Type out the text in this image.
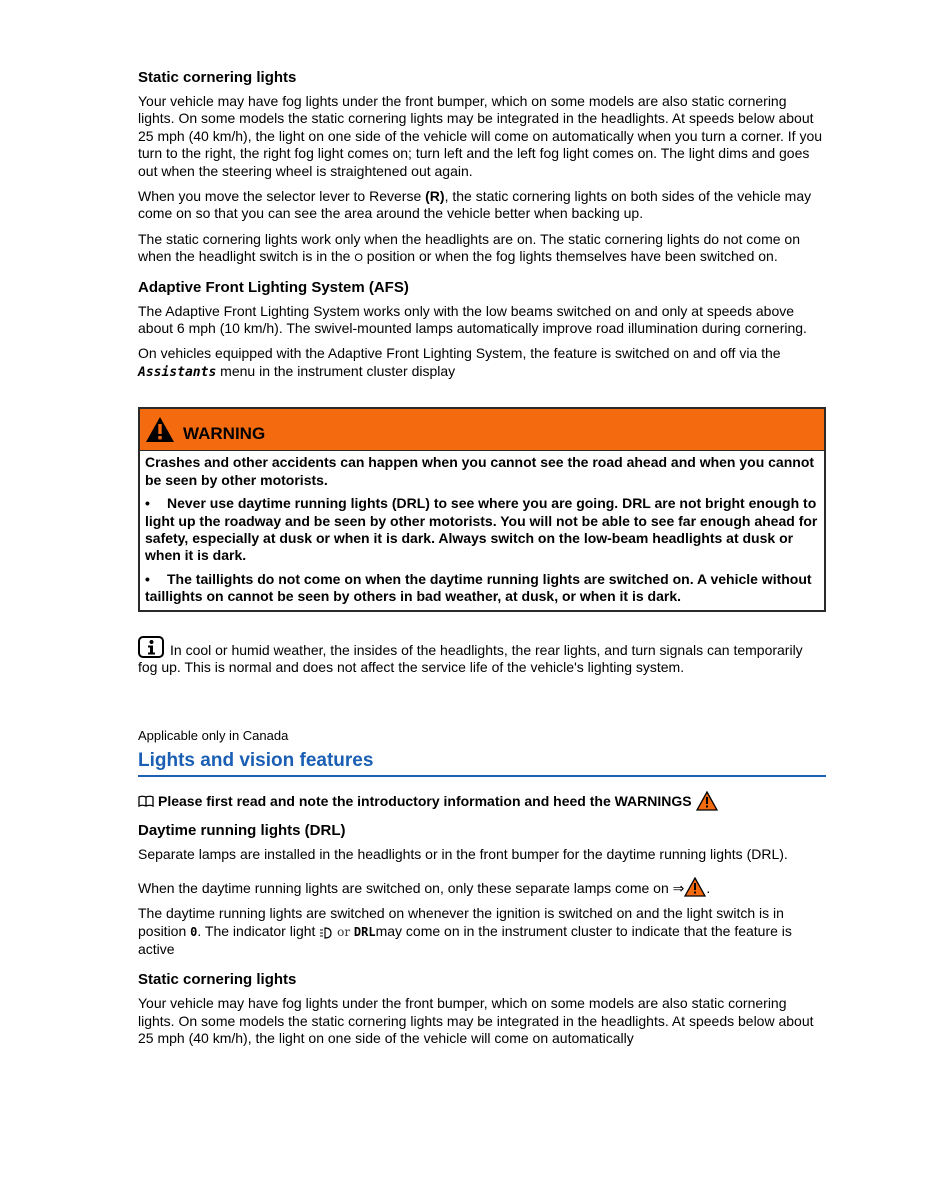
Static cornering lights

Your vehicle may have fog lights under the front bumper, which on some models are also static cornering lights. On some models the static cornering lights may be integrated in the headlights. At speeds below about 25 mph (40 km/h), the light on one side of the vehicle will come on automatically when you turn a corner. If you turn to the right, the right fog light comes on; turn left and the left fog light comes on. The light dims and goes out when the steering wheel is straightened out again.

When you move the selector lever to Reverse (R), the static cornering lights on both sides of the vehicle may come on so that you can see the area around the vehicle better when backing up.

The static cornering lights work only when the headlights are on. The static cornering lights do not come on when the headlight switch is in the O position or when the fog lights themselves have been switched on.

Adaptive Front Lighting System (AFS)

The Adaptive Front Lighting System works only with the low beams switched on and only at speeds above about 6 mph (10 km/h). The swivel-mounted lamps automatically improve road illumination during cornering.

On vehicles equipped with the Adaptive Front Lighting System, the feature is switched on and off via the Assistants menu in the instrument cluster display

WARNING

Crashes and other accidents can happen when you cannot see the road ahead and when you cannot be seen by other motorists.

• Never use daytime running lights (DRL) to see where you are going. DRL are not bright enough to light up the roadway and be seen by other motorists. You will not be able to see far enough ahead for safety, especially at dusk or when it is dark. Always switch on the low-beam headlights at dusk or when it is dark.

• The taillights do not come on when the daytime running lights are switched on. A vehicle without taillights on cannot be seen by others in bad weather, at dusk, or when it is dark.

In cool or humid weather, the insides of the headlights, the rear lights, and turn signals can temporarily fog up. This is normal and does not affect the service life of the vehicle's lighting system.
Applicable only in Canada
Lights and vision features
Please first read and note the introductory information and heed the WARNINGS
Daytime running lights (DRL)

Separate lamps are installed in the headlights or in the front bumper for the daytime running lights (DRL).

When the daytime running lights are switched on, only these separate lamps come on ⇒ .

The daytime running lights are switched on whenever the ignition is switched on and the light switch is in position 0. The indicator light  or DRLmay come on in the instrument cluster to indicate that the feature is active

Static cornering lights

Your vehicle may have fog lights under the front bumper, which on some models are also static cornering lights. On some models the static cornering lights may be integrated in the headlights. At speeds below about 25 mph (40 km/h), the light on one side of the vehicle will come on automatically
